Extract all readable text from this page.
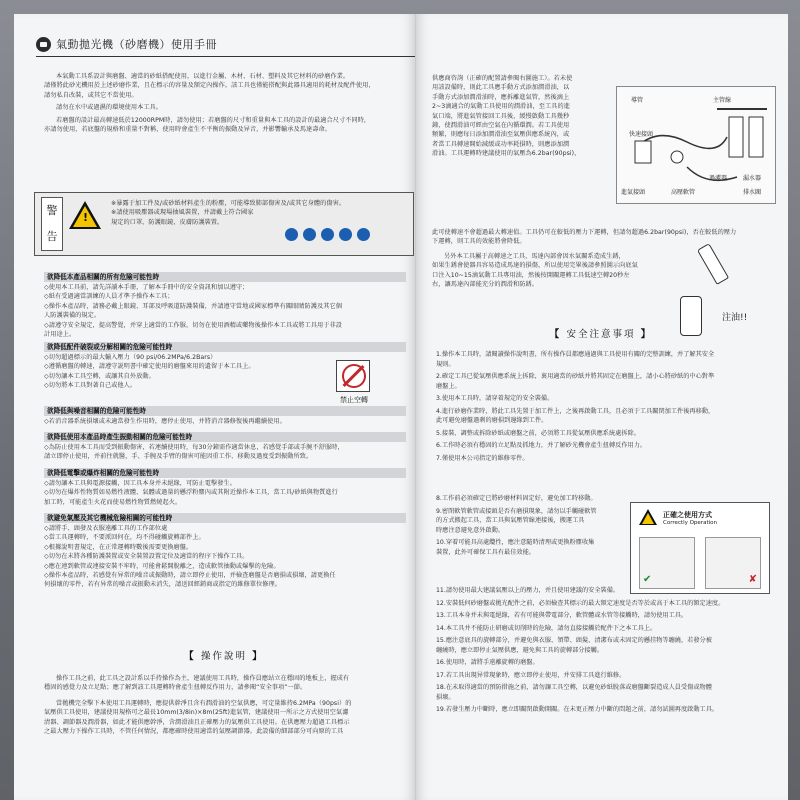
氣動拋光機（砂磨機）使用手冊
本氣動工具系設計與磨盤、適當的砂紙搭配使用，以進行金屬、木材、石材、塑料及其它材料的砂磨作業。
請僅將此砂光機用於上述砂磨作業，且在標示的容量及額定內操作。該工具也僅能搭配與此器具適用的耗材及配件使用，
請勿私自改裝，或其它不當使用。
請勿在水中或過濕的環境使用本工具。
若磨盤的設計最高轉速低於12000RPM時，請勿使用；若磨盤的尺寸和重量與本工具的設計的最適合尺寸不同時，
亦請勿使用，若底盤的規格和重量不對稱，使用時會產生不平衡的振動及异音，并影響輸承及馬達壽命。
警告
!
※暴露于加工件及/或砂紙材料產生的粉塵，可能導致肺部傷害及/或其它身體的傷害。
※請使用吸塵器或現場抽風裝置，并請戴上符合國家
規定的口罩、防護眼鏡、皮膚防護裝置。
欲降低本產品相關的所有危險可能性時
◇使用本工具前，請先詳讀本手冊，了解本手冊中的安全資訊和加以遵守；
◇紙有受過適當訓練的人員才準予操作本工具；
◇操作本產品時，請務必戴上眼鏡、耳部及呼吸道防護裝備，并請遵守當地或國家標準有關眼睛防護及其它個
人防護裝備的規定。
◇請遵守安全規定，提高警覺，并穿上適當的工作服，切勿在使用酒精或藥物後操作本工具或將工具用于非設
計用途上。
欲降低配件破裂或分解相關的危險可能性時
◇切勿超過標示的最大輸入壓力（90 psi/06.2MPa/6.2Bars）
◇遵循磨盤的轉速，請遵守説明書中確定使用的磨盤來用的遺留于本工具上。
◇切勿讓本工具空轉，或讓其自外放動。
◇切勿將本工具對著自己或他人。
禁止空轉
欲降低與噪音相關的危險可能性時
◇若消音器系統損壞或未適當發生作用時，應停止使用，并將消音器修復後再繼續使用。
欲降低使用本產品時產生振動相關的危險可能性時
◇為防止使用本工具而受到振動傷害，若連續使用時，每30分鐘需作適當休息，若感覺手部或手腕不舒服時，
請立即停止使用，并前往就醫，手、手腕及手臂的傷害可能因重工作、移動及過度受到振動所致。
欲降低電擊或爆炸相關的危險可能性時
◇請勿讓本工具與電源接觸，因工具本身并未絕緣，可防止電擊發生。
◇切勿在爆炸性物質如易燃性液體、氣體或過量的懸浮粉塵內或其附近操作本工具，當工具/砂紙與物質進行
加工時，可能產生火花而使易燃性物質燃燒起火。
欲避免氣壓及其它機械危險相關的可能性時
◇請將手、頭發及衣服遠離工具的工作部位處
◇當工具運轉時，不要派回何在，均不得碰觸旋轉部件上。
◇根據說明書規定，在正常運轉時數後需要更換磨盤。
◇切勿在未將各種防護裝置或安全裝置設置定位及適當的程序下操作工具。
◇應在連到軟管或連接安裝不牢時，可能會鬆開脫離之，造成軟管抽動或爆擊的危險。
◇操作本產品時，若感覺有异常的噪音或振動時，請立即停止使用，并檢查磨盤是否磨損或損壞，請更換任
何損壞的零件，若有异常的噪音或振動未消失，請送回經銷商或指定的維修單位修理。
【 操作說明 】
操作工具之前，此工具之設計系以手持操作為主，建議使用工具時，操作員應站立在穩固的地板上，握成有
穩固的感覺力及立足點；應了解到該工具運轉時會產生扭轉反作用力，請參閱“安全事項”一節。
當拋機完全擊下本使用工具運轉時，應提供幹淨且含有潤滑油的空氣供應，可定量維持6.2MPa（90psi）的
氣壓供工具使用，建議使用規格可之最長10mm(3/8in)×8m(25ft)進氣管，建議使用一所示之方式使用空氣濾
清器、調節器及潤滑器，如此才能供應幹淨，含潤滑油且正確壓力的氣壓供工具使用。在供應壓力超過工具標示
之最大壓力下操作工具時，不管任何情況，都應確時使用適當的氣壓調節器。此設備的細部部分可向原的工具
供應商咨詢（正確的配置請參閱右圖施工）。若未使
用該設備時，則此工具應手動方式添加潤滑油，以
手動方式添加潤滑油時，應拆離進氣管，然後滴上
2~3滴適合的氣動工具使用的潤滑油，至工具的進
氣口端，將進氣管接回工具後，緩慢啟動工具幾秒
鐘，使潤滑油可經由空氣在內循環潤。若工具使用
頻繁，則應每日添加潤滑油至氣壓供應系統內，或
者當工具轉速開始減緩或功率耗損時，則應添加潤
滑油。工具運轉時建議使用的氣壓為6.2bar(90psi)，
此可使轉速不會超過最大轉速值。工具仍可在較低的壓力下運轉，但請勿超過6.2bar(90psi)，否在較低的壓力
下運轉，則工具的效能將會降低。
導管	主管線
快速接頭
進氣接頭	高壓軟管
過濾器	漏水器
排水閥
另外本工具屬于高轉速之工具，馬達內部會因水氣關系造成生銹，
如果生銹會使器具容易造成馬達的損傷，所以使用完畢後請參照圖示向底氣
口注入10~15滴氣動工具專用油，然後按開關運轉工具低速空轉20秒左
右，讓馬達內部能充分的潤滑和防銹。
注油!!
【 安全注意事項 】
1.操作本工具時，請閱讀操作說明書，所有操作員都應通過與工具使用有關的完整訓練，并了解其安全
規則。
2.確定工具已從氣壓供應系統上拆除，裏用適當的砂紙并將其固定在磨盤上，請小心將砂紙的中心對準
磨盤上。
3.使用本工具時，請穿着規定的安全裝備。
4.進行砂磨作業時，將此工具先置于加工件上，之後再啟動工具，且必須于工具關閉加工件後再移動，
此可避免磨盤過剩的磨損到邊緣到工件。
5.接裝、調整或拆除砂紙或磨盤之前，必須將工具從氣壓供應系統處拆除。
6.工作時必須有穩固的立足點及抓地力，并了解砂光機會產生扭轉反作用力。
7.僅使用本公司指定的維修零件。
8.工作前必須確定已將砂磨材料固定好，避免加工時移動。
9.密閉軟管軟管或接頭是否有磨損現象，請勿以手觸碰軟管
的方式搬起工具，當工具與氣壓管線連接後，搬運工具
時應注意避免意外啟動。
10.穿着可能具高處纜性，應注意隨時清理或更換粉塵收集
裝置，此外可確保工具有最佳效能。
正確之使用方式
Correctly Operation
✔	✘
11.請勿使用最大建議氣壓以上的壓力，并且使用建議的安全裝備。
12.安裝低何砂磨盤或拋光配件之前，必須檢查其標示的最大額定速度是否等於或高于本工具的額定速度。
13.工具本身并未與電絕緣，若有可能與帶電部分，軟管體或水管等接觸時，請勿使用工具。
14.本工具并不能防止研磨或切削時的危險，請勿直接接觸於配件下之本工具上。
15.應注意底具的旋轉部分，并避免與衣服、領帶、頭髮、清潔布或未固定的懸挂物等纏繞，若發分被
纏繞時，應立即停止氣壓供應，避免與工具的旋轉部分接觸。
16.使用時，請將手遠離旋轉的磨盤。
17.若工具出現异常現象時，應立即停止使用，并安排工具進行維修。
18.在未取得適當的預防措施之前，請勿讓工具空轉，以避免砂紙脫落或磨盤斷裂造成人員受傷或物體
損壞。
19.若發生壓力中斷時，應立即關閉啟動開關。在未更正壓力中斷的問題之前，請勿試圖再度啟動工具。
